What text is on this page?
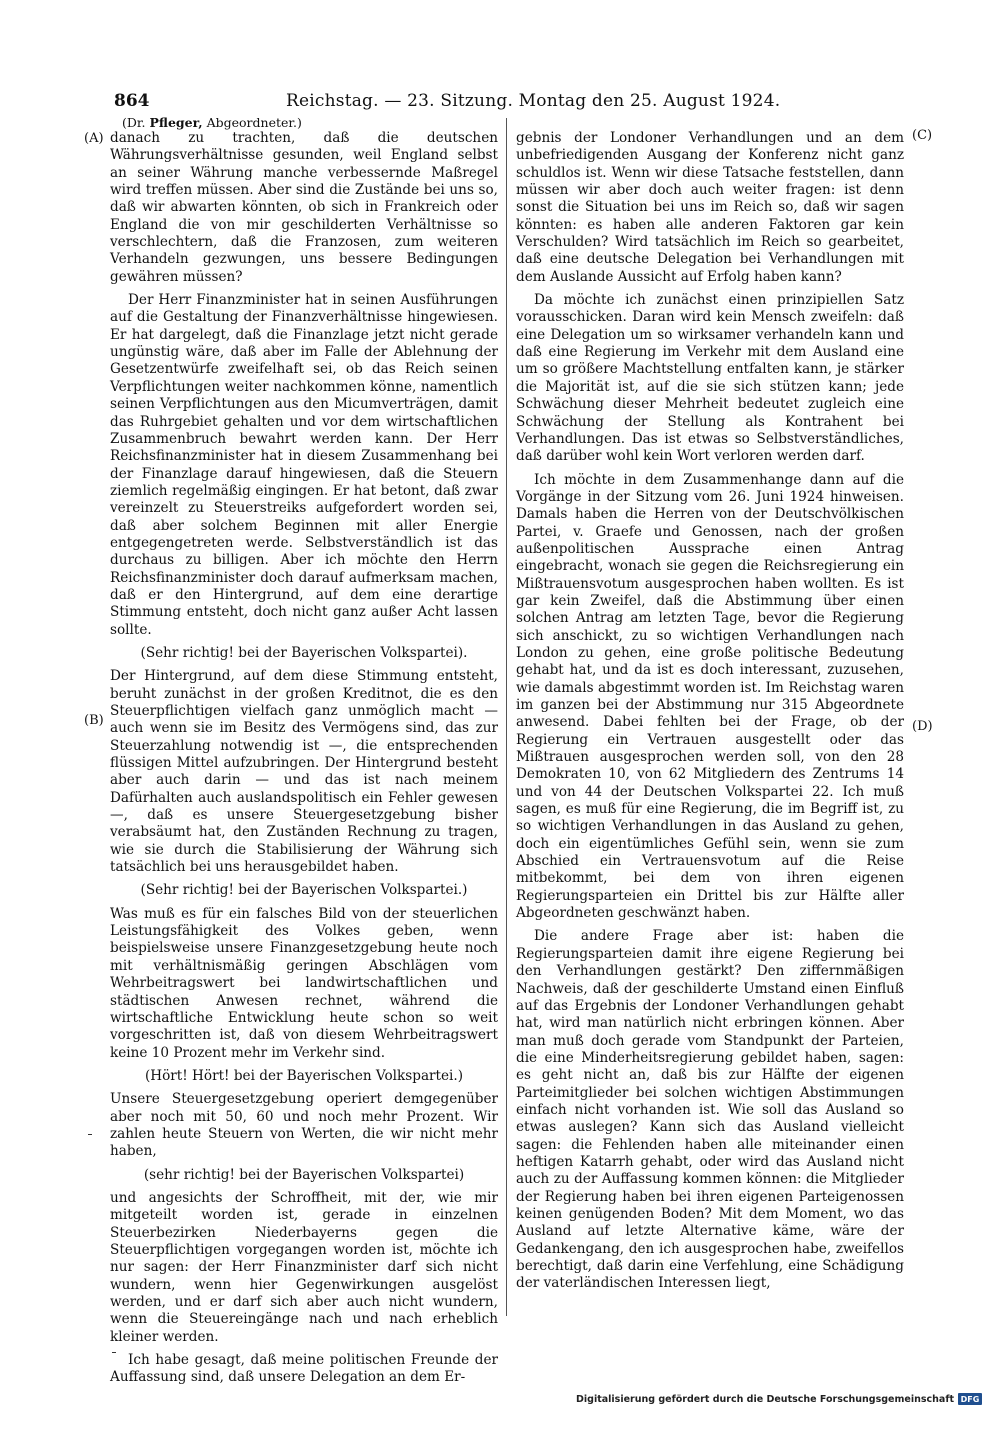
864	Reichstag. — 23. Sitzung. Montag den 25. August 1924.
(Dr. Pfleger, Abgeordneter.)
(A)
(B)
(C)
(D)

danach zu trachten, daß die deutschen Währungsverhältnisse gesunden, weil England selbst an seiner Währung manche verbessernde Maßregel wird treffen müssen. Aber sind die Zustände bei uns so, daß wir abwarten könnten, ob sich in Frankreich oder England die von mir geschilderten Verhältnisse so verschlechtern, daß die Franzosen, zum weiteren Verhandeln gezwungen, uns bessere Bedingungen gewähren müssen?

Der Herr Finanzminister hat in seinen Ausführungen auf die Gestaltung der Finanzverhältnisse hingewiesen. Er hat dargelegt, daß die Finanzlage jetzt nicht gerade ungünstig wäre, daß aber im Falle der Ablehnung der Gesetzentwürfe zweifelhaft sei, ob das Reich seinen Verpflichtungen weiter nachkommen könne, namentlich seinen Verpflichtungen aus den Micumverträgen, damit das Ruhrgebiet gehalten und vor dem wirtschaftlichen Zusammenbruch bewahrt werden kann. Der Herr Reichsfinanzminister hat in diesem Zusammenhang bei der Finanzlage darauf hingewiesen, daß die Steuern ziemlich regelmäßig eingingen. Er hat betont, daß zwar vereinzelt zu Steuerstreiks aufgefordert worden sei, daß aber solchem Beginnen mit aller Energie entgegengetreten werde. Selbstverständlich ist das durchaus zu billigen. Aber ich möchte den Herrn Reichsfinanzminister doch darauf aufmerksam machen, daß er den Hintergrund, auf dem eine derartige Stimmung entsteht, doch nicht ganz außer Acht lassen sollte.

(Sehr richtig! bei der Bayerischen Volkspartei).

Der Hintergrund, auf dem diese Stimmung entsteht, beruht zunächst in der großen Kreditnot, die es den Steuerpflichtigen vielfach ganz unmöglich macht — auch wenn sie im Besitz des Vermögens sind, das zur Steuerzahlung notwendig ist —, die entsprechenden flüssigen Mittel aufzubringen. Der Hintergrund besteht aber auch darin — und das ist nach meinem Dafürhalten auch auslandspolitisch ein Fehler gewesen —, daß es unsere Steuergesetzgebung bisher verabsäumt hat, den Zuständen Rechnung zu tragen, wie sie durch die Stabilisierung der Währung sich tatsächlich bei uns herausgebildet haben.

(Sehr richtig! bei der Bayerischen Volkspartei.)

Was muß es für ein falsches Bild von der steuerlichen Leistungsfähigkeit des Volkes geben, wenn beispielsweise unsere Finanzgesetzgebung heute noch mit verhältnismäßig geringen Abschlägen vom Wehrbeitragswert bei landwirtschaftlichen und städtischen Anwesen rechnet, während die wirtschaftliche Entwicklung heute schon so weit vorgeschritten ist, daß von diesem Wehrbeitragswert keine 10 Prozent mehr im Verkehr sind.

(Hört! Hört! bei der Bayerischen Volkspartei.)

Unsere Steuergesetzgebung operiert demgegenüber aber noch mit 50, 60 und noch mehr Prozent. Wir zahlen heute Steuern von Werten, die wir nicht mehr haben,

(sehr richtig! bei der Bayerischen Volkspartei)

und angesichts der Schroffheit, mit der, wie mir mitgeteilt worden ist, gerade in einzelnen Steuerbezirken Niederbayerns gegen die Steuerpflichtigen vorgegangen worden ist, möchte ich nur sagen: der Herr Finanzminister darf sich nicht wundern, wenn hier Gegenwirkungen ausgelöst werden, und er darf sich aber auch nicht wundern, wenn die Steuereingänge nach und nach erheblich kleiner werden.

Ich habe gesagt, daß meine politischen Freunde der Auffassung sind, daß unsere Delegation an dem Er-

gebnis der Londoner Verhandlungen und an dem unbefriedigenden Ausgang der Konferenz nicht ganz schuldlos ist. Wenn wir diese Tatsache feststellen, dann müssen wir aber doch auch weiter fragen: ist denn sonst die Situation bei uns im Reich so, daß wir sagen könnten: es haben alle anderen Faktoren gar kein Verschulden? Wird tatsächlich im Reich so gearbeitet, daß eine deutsche Delegation bei Verhandlungen mit dem Auslande Aussicht auf Erfolg haben kann?

Da möchte ich zunächst einen prinzipiellen Satz vorausschicken. Daran wird kein Mensch zweifeln: daß eine Delegation um so wirksamer verhandeln kann und daß eine Regierung im Verkehr mit dem Ausland eine um so größere Machtstellung entfalten kann, je stärker die Majorität ist, auf die sie sich stützen kann; jede Schwächung dieser Mehrheit bedeutet zugleich eine Schwächung der Stellung als Kontrahent bei Verhandlungen. Das ist etwas so Selbstverständliches, daß darüber wohl kein Wort verloren werden darf.

Ich möchte in dem Zusammenhange dann auf die Vorgänge in der Sitzung vom 26. Juni 1924 hinweisen. Damals haben die Herren von der Deutschvölkischen Partei, v. Graefe und Genossen, nach der großen außenpolitischen Aussprache einen Antrag eingebracht, wonach sie gegen die Reichsregierung ein Mißtrauensvotum ausgesprochen haben wollten. Es ist gar kein Zweifel, daß die Abstimmung über einen solchen Antrag am letzten Tage, bevor die Regierung sich anschickt, zu so wichtigen Verhandlungen nach London zu gehen, eine große politische Bedeutung gehabt hat, und da ist es doch interessant, zuzusehen, wie damals abgestimmt worden ist. Im Reichstag waren im ganzen bei der Abstimmung nur 315 Abgeordnete anwesend. Dabei fehlten bei der Frage, ob der Regierung ein Vertrauen ausgestellt oder das Mißtrauen ausgesprochen werden soll, von den 28 Demokraten 10, von 62 Mitgliedern des Zentrums 14 und von 44 der Deutschen Volkspartei 22. Ich muß sagen, es muß für eine Regierung, die im Begriff ist, zu so wichtigen Verhandlungen in das Ausland zu gehen, doch ein eigentümliches Gefühl sein, wenn sie zum Abschied ein Vertrauensvotum auf die Reise mitbekommt, bei dem von ihren eigenen Regierungsparteien ein Drittel bis zur Hälfte aller Abgeordneten geschwänzt haben.

Die andere Frage aber ist: haben die Regierungsparteien damit ihre eigene Regierung bei den Verhandlungen gestärkt? Den ziffernmäßigen Nachweis, daß der geschilderte Umstand einen Einfluß auf das Ergebnis der Londoner Verhandlungen gehabt hat, wird man natürlich nicht erbringen können. Aber man muß doch gerade vom Standpunkt der Parteien, die eine Minderheitsregierung gebildet haben, sagen: es geht nicht an, daß bis zur Hälfte der eigenen Parteimitglieder bei solchen wichtigen Abstimmungen einfach nicht vorhanden ist. Wie soll das Ausland so etwas auslegen? Kann sich das Ausland vielleicht sagen: die Fehlenden haben alle miteinander einen heftigen Katarrh gehabt, oder wird das Ausland nicht auch zu der Auffassung kommen können: die Mitglieder der Regierung haben bei ihren eigenen Parteigenossen keinen genügenden Boden? Mit dem Moment, wo das Ausland auf letzte Alternative käme, wäre der Gedankengang, den ich ausgesprochen habe, zweifellos berechtigt, daß darin eine Verfehlung, eine Schädigung der vaterländischen Interessen liegt,

Digitalisierung gefördert durch die Deutsche Forschungsgemeinschaft DFG
